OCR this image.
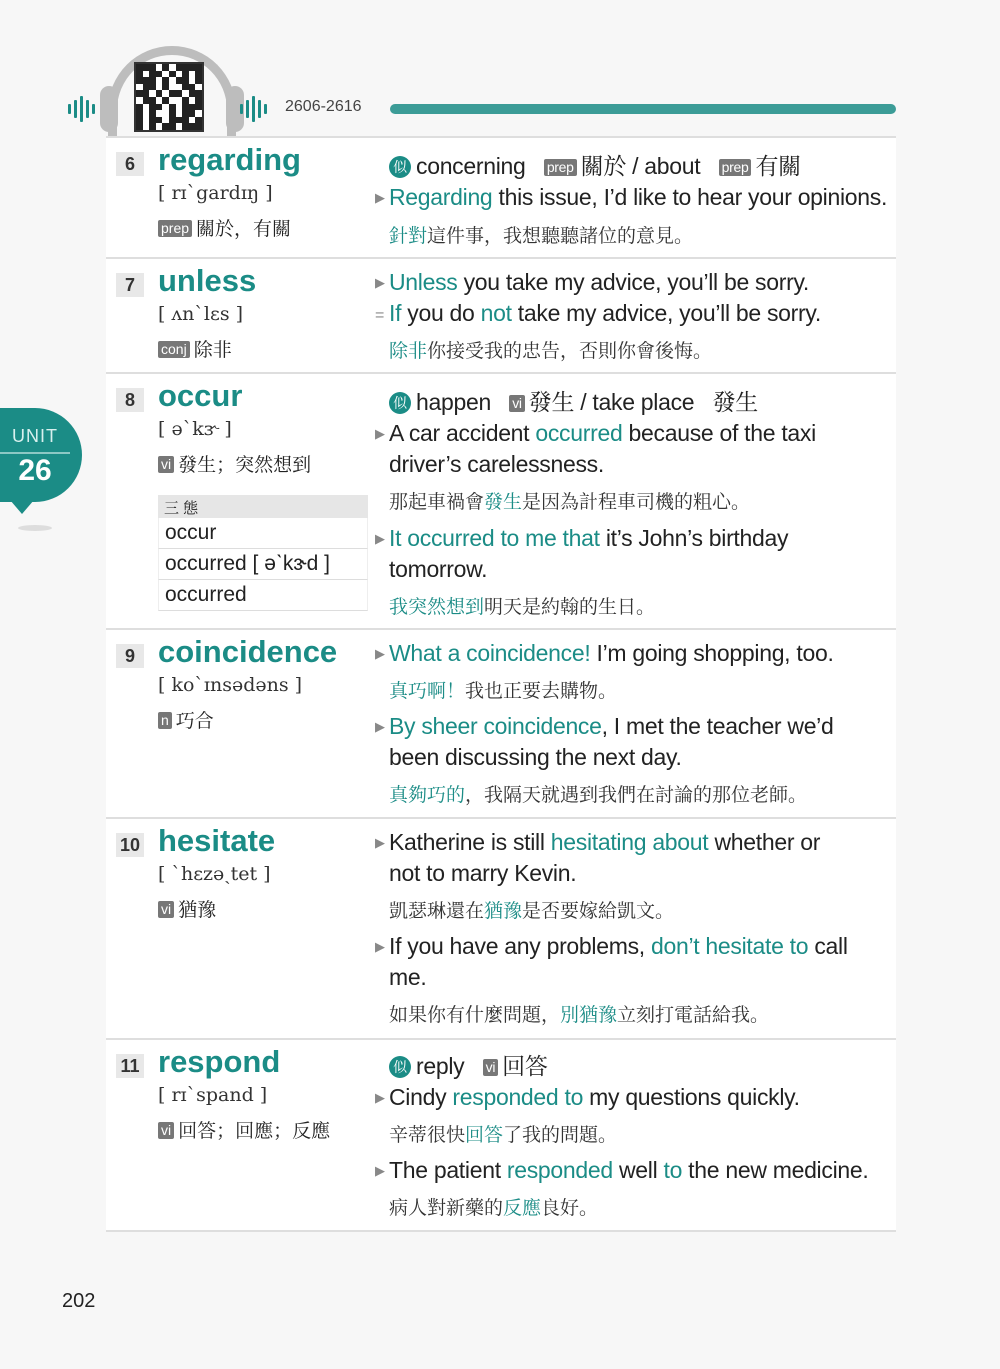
2606-2616
UNIT
26
6 regarding
[ rɪˋgardɪŋ ]
prep 關於，有關
似 concerning prep 關於 / about prep 有關
▶ Regarding this issue, I’d like to hear your opinions.
針對這件事，我想聽聽諸位的意見。
7 unless
[ ʌnˋlɛs ]
conj 除非
▶ Unless you take my advice, you’ll be sorry.
= If you do not take my advice, you’ll be sorry.
除非你接受我的忠告，否則你會後悔。
8 occur
[ əˋkɝ ]
vi 發生；突然想到
三 態
occur
occurred [ əˋkɝd ]
occurred
似 happen vi 發生 / take place 發生
▶ A car accident occurred because of the taxi
driver’s carelessness.
那起車禍會發生是因為計程車司機的粗心。
▶ It occurred to me that it’s John’s birthday
tomorrow.
我突然想到明天是約翰的生日。
9 coincidence
[ koˋɪnsədəns ]
n 巧合
▶ What a coincidence! I’m going shopping, too.
真巧啊！我也正要去購物。
▶ By sheer coincidence, I met the teacher we’d
been discussing the next day.
真夠巧的，我隔天就遇到我們在討論的那位老師。
10 hesitate
[ ˋhɛzəˏtet ]
vi 猶豫
▶ Katherine is still hesitating about whether or
not to marry Kevin.
凱瑟琳還在猶豫是否要嫁給凱文。
▶ If you have any problems, don’t hesitate to call
me.
如果你有什麼問題，別猶豫立刻打電話給我。
11 respond
[ rɪˋspand ]
vi 回答；回應；反應
似 reply vi 回答
▶ Cindy responded to my questions quickly.
辛蒂很快回答了我的問題。
▶ The patient responded well to the new medicine.
病人對新藥的反應良好。
202
